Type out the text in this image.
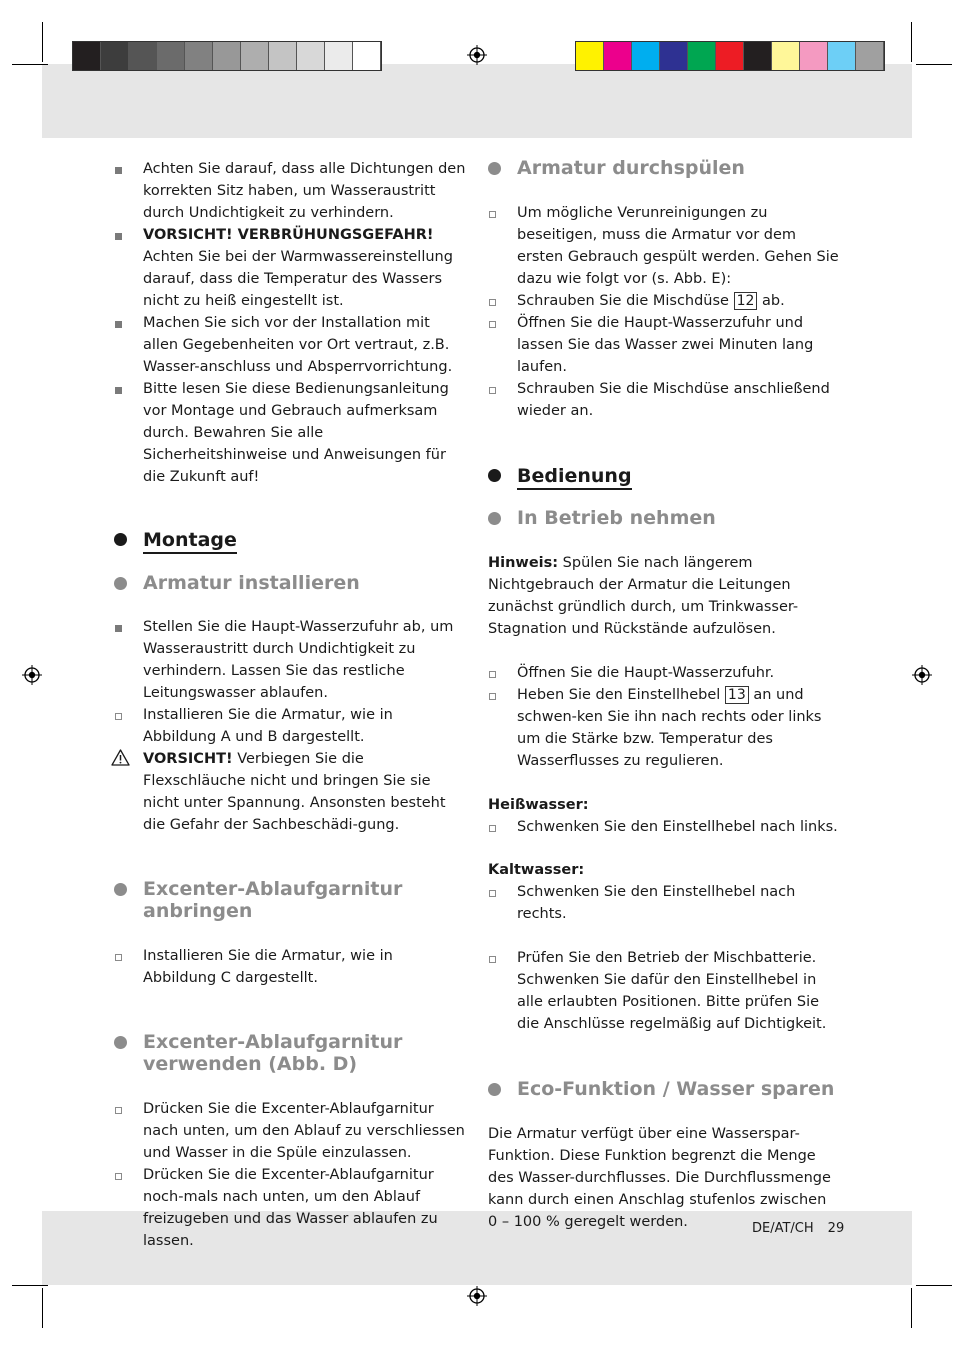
Achten Sie darauf, dass alle Dichtungen den korrekten Sitz haben, um Wasseraustritt durch Undichtigkeit zu verhindern.

VORSICHT! VERBRÜHUNGSGEFAHR!
Achten Sie bei der Warmwassereinstellung darauf, dass die Temperatur des Wassers nicht zu heiß eingestellt ist.

Machen Sie sich vor der Installation mit allen Gegebenheiten vor Ort vertraut, z.B. Wasser-anschluss und Absperrvorrichtung.

Bitte lesen Sie diese Bedienungsanleitung vor Montage und Gebrauch aufmerksam durch. Bewahren Sie alle Sicherheitshinweise und Anweisungen für die Zukunft auf!

Montage
Armatur installieren

Stellen Sie die Haupt-Wasserzufuhr ab, um Wasseraustritt durch Undichtigkeit zu verhindern. Lassen Sie das restliche Leitungswasser ablaufen.

Installieren Sie die Armatur, wie in Abbildung A und B dargestellt.

VORSICHT! Verbiegen Sie die Flexschläuche nicht und bringen Sie sie nicht unter Spannung. Ansonsten besteht die Gefahr der Sachbeschädi-gung.

Excenter-Ablaufgarnitur anbringen

Installieren Sie die Armatur, wie in Abbildung C dargestellt.

Excenter-Ablaufgarnitur verwenden (Abb. D)

Drücken Sie die Excenter-Ablaufgarnitur nach unten, um den Ablauf zu verschliessen und Wasser in die Spüle einzulassen.

Drücken Sie die Excenter-Ablaufgarnitur noch-mals nach unten, um den Ablauf freizugeben und das Wasser ablaufen zu lassen.

Armatur durchspülen

Um mögliche Verunreinigungen zu beseitigen, muss die Armatur vor dem ersten Gebrauch gespült werden. Gehen Sie dazu wie folgt vor (s. Abb. E):

Schrauben Sie die Mischdüse 12 ab.

Öffnen Sie die Haupt-Wasserzufuhr und lassen Sie das Wasser zwei Minuten lang laufen.

Schrauben Sie die Mischdüse anschließend wieder an.

Bedienung
In Betrieb nehmen

Hinweis: Spülen Sie nach längerem Nichtgebrauch der Armatur die Leitungen zunächst gründlich durch, um Trinkwasser-Stagnation und Rückstände aufzulösen.

Öffnen Sie die Haupt-Wasserzufuhr.

Heben Sie den Einstellhebel 13 an und schwen-ken Sie ihn nach rechts oder links um die Stärke bzw. Temperatur des Wasserflusses zu regulieren.

Heißwasser:

Schwenken Sie den Einstellhebel nach links.

Kaltwasser:

Schwenken Sie den Einstellhebel nach rechts.

Prüfen Sie den Betrieb der Mischbatterie. Schwenken Sie dafür den Einstellhebel in alle erlaubten Positionen. Bitte prüfen Sie die Anschlüsse regelmäßig auf Dichtigkeit.

Eco-Funktion / Wasser sparen

Die Armatur verfügt über eine Wasserspar-Funktion. Diese Funktion begrenzt die Menge des Wasser-durchflusses. Die Durchflussmenge kann durch einen Anschlag stufenlos zwischen 0 – 100 % geregelt werden.	DE/AT/CH 29
